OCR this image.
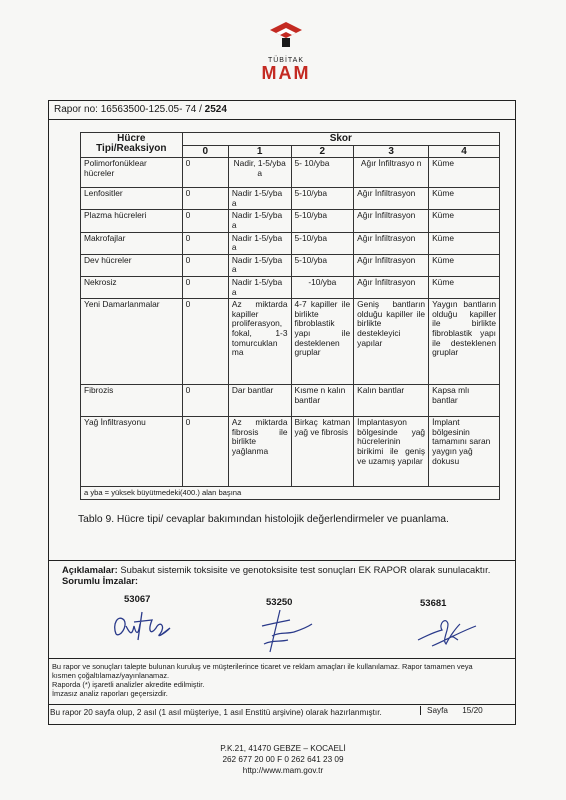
TÜBİTAK
MAM
Rapor no: 16563500-125.05- 74 / 2524
Hücre Tipi/Reaksiyon	Skor				
	0	1	2	3	4
Polimorfonüklear hücreler	0	Nadir, 1-5/yba a	5- 10/yba	Ağır İnfiltrasyo n	Küme
Lenfositler	0	Nadir 1-5/yba a	5-10/yba	Ağır İnfiltrasyon	Küme
Plazma hücreleri	0	Nadir 1-5/yba a	5-10/yba	Ağır İnfiltrasyon	Küme
Makrofajlar	0	Nadir 1-5/yba a	5-10/yba	Ağır İnfiltrasyon	Küme
Dev hücreler	0	Nadir 1-5/yba a	5-10/yba	Ağır İnfiltrasyon	Küme
Nekrosiz	0	Nadir 1-5/yba a	-10/yba	Ağır İnfiltrasyon	Küme
Yeni Damarlanmalar	0	Az miktarda kapiller proliferasyon, fokal, 1-3 tomurcuklan ma	4-7 kapiller ile birlikte fibroblastik yapı ile desteklenen gruplar	Geniş bantların olduğu kapiller ile birlikte destekleyici yapılar	Yaygın bantların olduğu kapiller ile birlikte fibroblastik yapı ile desteklenen gruplar
Fibrozis	0	Dar bantlar	Kısme n kalın bantlar	Kalın bantlar	Kapsa mlı bantlar
Yağ İnfiltrasyonu	0	Az miktarda fibrosis ile birlikte yağlanma	Birkaç katman yağ ve fibrosis	İmplantasyon bölgesinde yağ hücrelerinin birikimi ile geniş ve uzamış yapılar	İmplant bölgesinin tamamını saran yaygın yağ dokusu
a yba = yüksek büyütmedeki(400.) alan başına					
Tablo 9. Hücre tipi/ cevaplar bakımından histolojik değerlendirmeler ve puanlama.
Açıklamalar: Subakut sistemik toksisite ve genotoksisite test sonuçları EK RAPOR olarak sunulacaktır.
Sorumlu İmzalar:
53067	53250	53681
Bu rapor ve sonuçları talepte bulunan kuruluş ve müşterilerince ticaret ve reklam amaçları ile kullanılamaz. Rapor tamamen veya
kısmen çoğaltılamaz/yayınlanamaz.
Raporda (*) işaretli analizler akredite edilmiştir.
İmzasız analiz raporları geçersizdir.
Bu rapor 20 sayfa olup, 2 asıl (1 asıl müşteriye, 1 asıl Enstitü arşivine) olarak hazırlanmıştır.	Sayfa 15/20
P.K.21, 41470 GEBZE – KOCAELİ
262 677 20 00 F 0 262 641 23 09
http://www.mam.gov.tr
